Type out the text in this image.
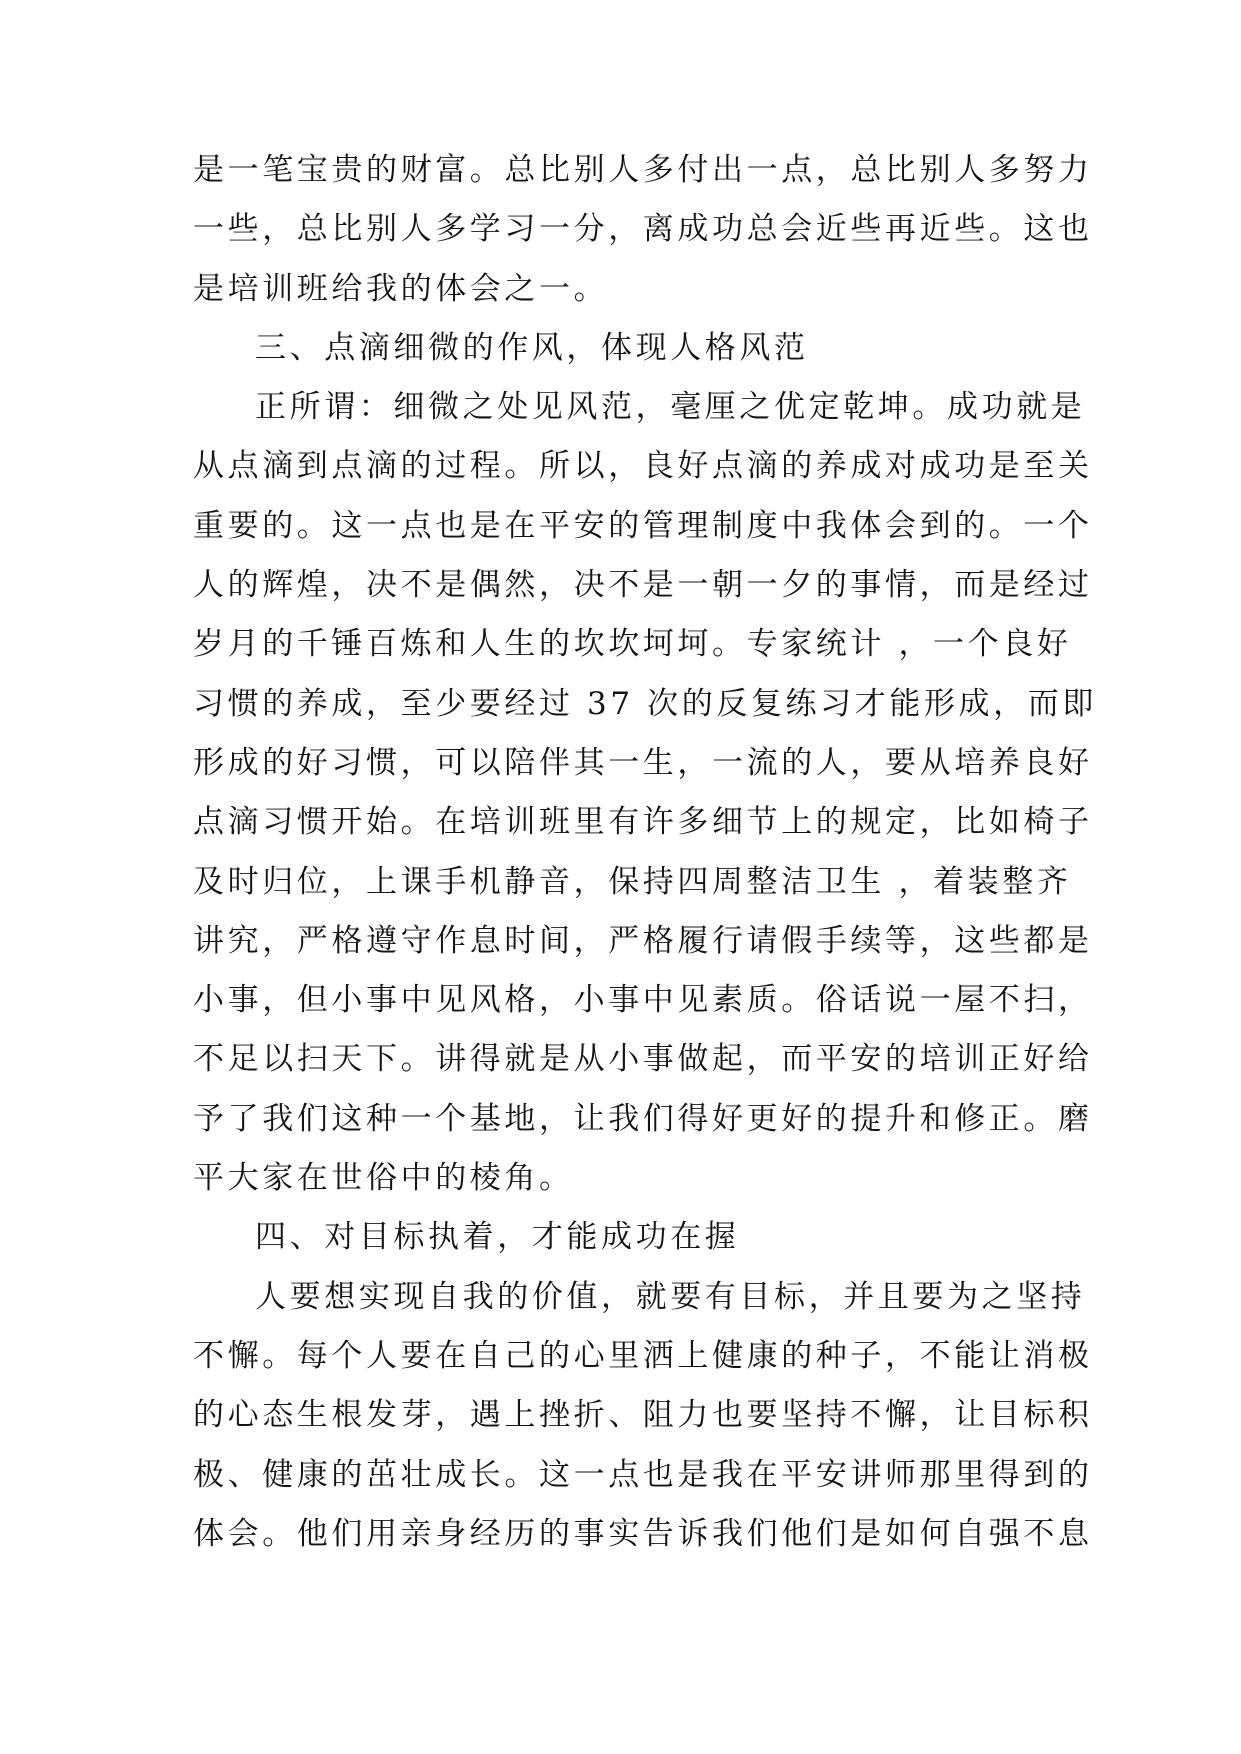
是一笔宝贵的财富。总比别人多付出一点，总比别人多努力
一些，总比别人多学习一分，离成功总会近些再近些。这也
是培训班给我的体会之一。
三、点滴细微的作风，体现人格风范
正所谓：细微之处见风范，毫厘之优定乾坤。成功就是
从点滴到点滴的过程。所以，良好点滴的养成对成功是至关
重要的。这一点也是在平安的管理制度中我体会到的。一个
人的辉煌，决不是偶然，决不是一朝一夕的事情，而是经过
岁月的千锤百炼和人生的坎坎坷坷。专家统计 ，一个良好
习惯的养成，至少要经过 37 次的反复练习才能形成，而即
形成的好习惯，可以陪伴其一生，一流的人，要从培养良好
点滴习惯开始。在培训班里有许多细节上的规定，比如椅子
及时归位，上课手机静音，保持四周整洁卫生 ，着装整齐
讲究，严格遵守作息时间，严格履行请假手续等，这些都是
小事，但小事中见风格，小事中见素质。俗话说一屋不扫，
不足以扫天下。讲得就是从小事做起，而平安的培训正好给
予了我们这种一个基地，让我们得好更好的提升和修正。磨
平大家在世俗中的棱角。
四、对目标执着，才能成功在握
人要想实现自我的价值，就要有目标，并且要为之坚持
不懈。每个人要在自己的心里洒上健康的种子，不能让消极
的心态生根发芽，遇上挫折、阻力也要坚持不懈，让目标积
极、健康的茁壮成长。这一点也是我在平安讲师那里得到的
体会。他们用亲身经历的事实告诉我们他们是如何自强不息
